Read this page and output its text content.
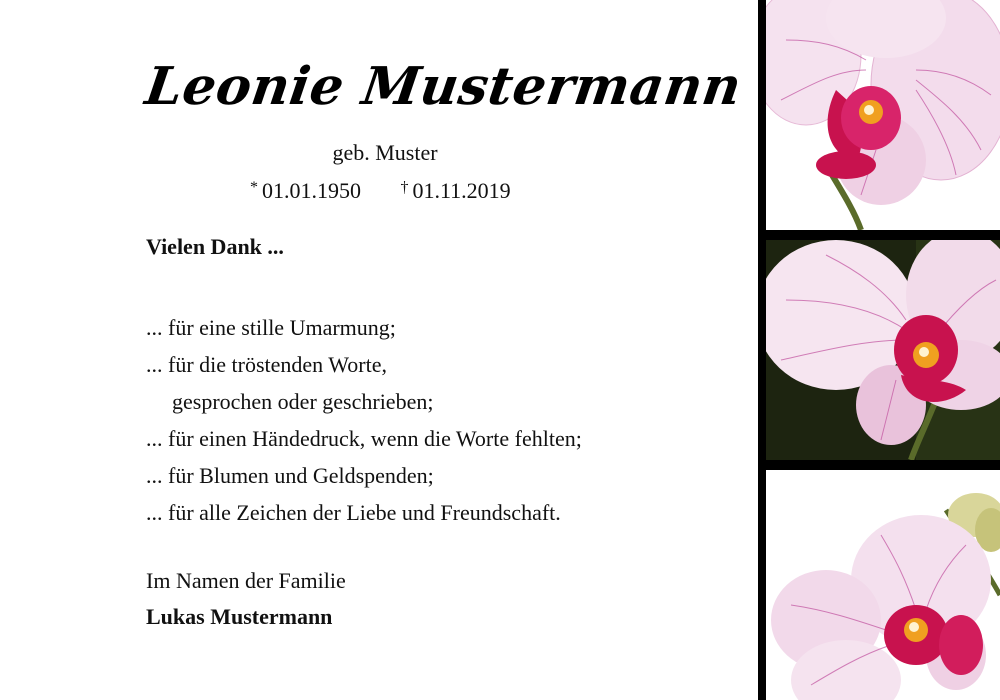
Leonie Mustermann
geb. Muster
* 01.01.1950 † 01.11.2019
Vielen Dank ...
... für eine stille Umarmung;
... für die tröstenden Worte,
gesprochen oder geschrieben;
... für einen Händedruck, wenn die Worte fehlten;
... für Blumen und Geldspenden;
... für alle Zeichen der Liebe und Freundschaft.
Im Namen der Familie
Lukas Mustermann
